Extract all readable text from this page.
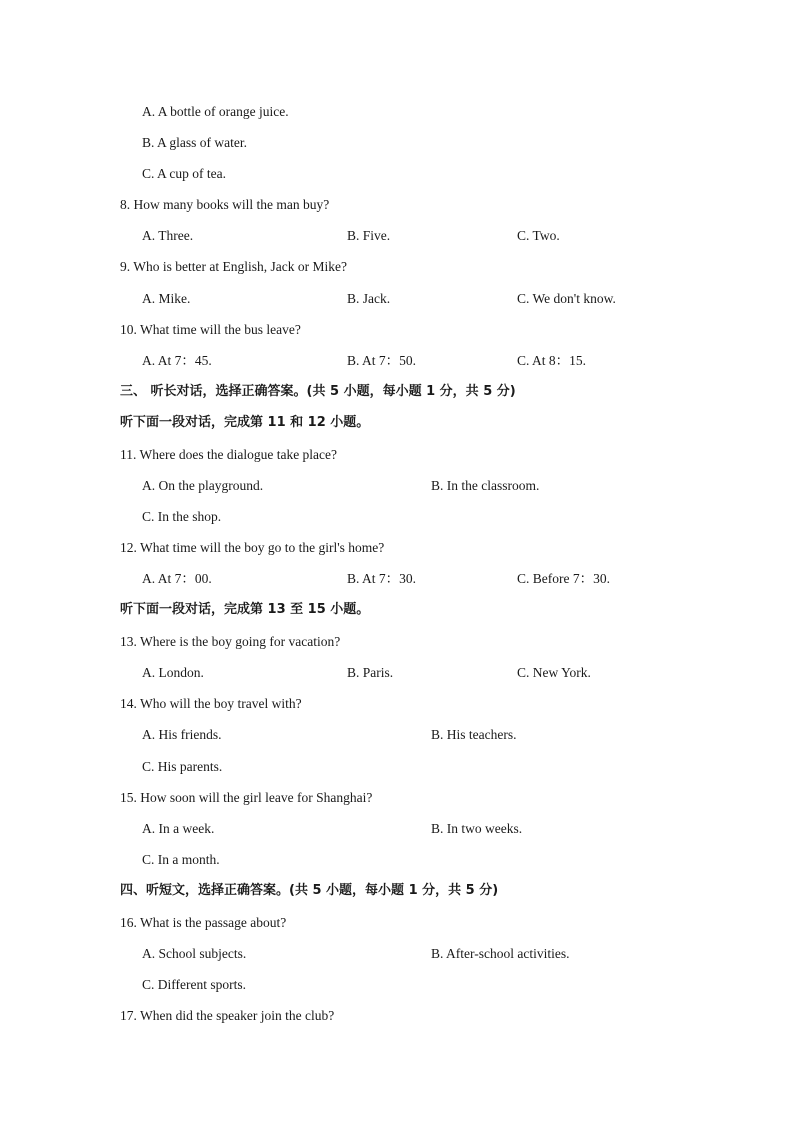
A. A bottle of orange juice.
B. A glass of water.
C. A cup of tea.
8. How many books will the man buy?
A. Three.	B. Five.	C. Two.
9. Who is better at English, Jack or Mike?
A. Mike.	B. Jack.	C. We don't know.
10. What time will the bus leave?
A. At 7：45.	B. At 7：50.	C. At 8：15.
三、 听长对话，选择正确答案。(共 5 小题，每小题 1 分，共 5 分)
听下面一段对话，完成第 11 和 12 小题。
11. Where does the dialogue take place?
A. On the playground.	B. In the classroom.
C. In the shop.
12. What time will the boy go to the girl's home?
A. At 7：00.	B. At 7：30.	C. Before 7：30.
听下面一段对话，完成第 13 至 15 小题。
13. Where is the boy going for vacation?
A. London.	B. Paris.	C. New York.
14. Who will the boy travel with?
A. His friends.	B. His teachers.
C. His parents.
15. How soon will the girl leave for Shanghai?
A. In a week.	B. In two weeks.
C. In a month.
四、听短文，选择正确答案。(共 5 小题，每小题 1 分，共 5 分)
16. What is the passage about?
A. School subjects.	B. After-school activities.
C. Different sports.
17. When did the speaker join the club?
